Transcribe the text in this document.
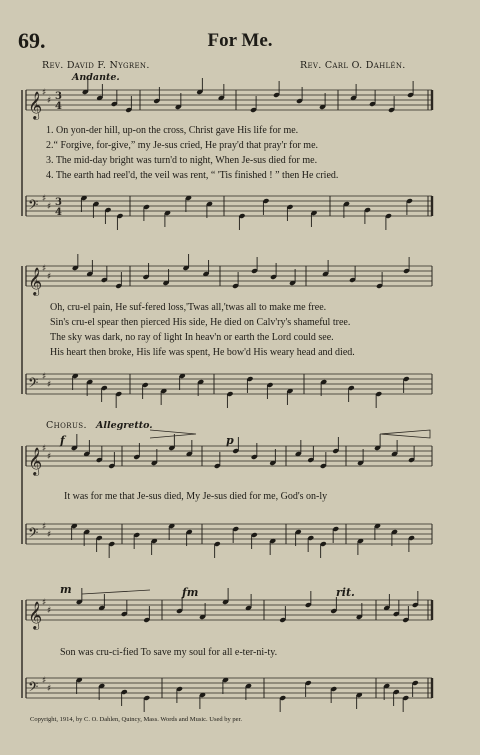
69.	For Me.
Rev. David F. Nygren.	Rev. Carl O. Dahlén.
Andante.
𝄞 ♯
♯ 3
4
𝄢 ♯
♯ 3
4
𝄞 ♯
♯
𝄢 ♯
♯
𝄞 ♯
♯
𝄢 ♯
♯
𝄞 ♯
♯
𝄢 ♯
♯
1. On yon-der hill, up-on the cross, Christ gave His life for me.
2.“ Forgive, for-give,” my Je-sus cried, He pray'd that pray'r for me.
3. The mid-day bright was turn'd to night, When Je-sus died for me.
4. The earth had reel'd, the veil was rent, “ 'Tis finished ! ” then He cried.
Oh, cru-el pain, He suf-fered loss,'Twas all,'twas all to make me free.
Sin's cru-el spear then pierced His side, He died on Calv'ry's shameful tree.
The sky was dark, no ray of light In heav'n or earth the Lord could see.
His heart then broke, His life was spent, He bow'd His weary head and died.
Chorus. Allegretto.
f	p
It was for me that Je-sus died, My Je-sus died for me, God's on-ly
m	fm	rit.
Son was cru-ci-fied To save my soul for all e-ter-ni-ty.
Copyright, 1914, by C. O. Dahlen, Quincy, Mass. Words and Music. Used by per.
